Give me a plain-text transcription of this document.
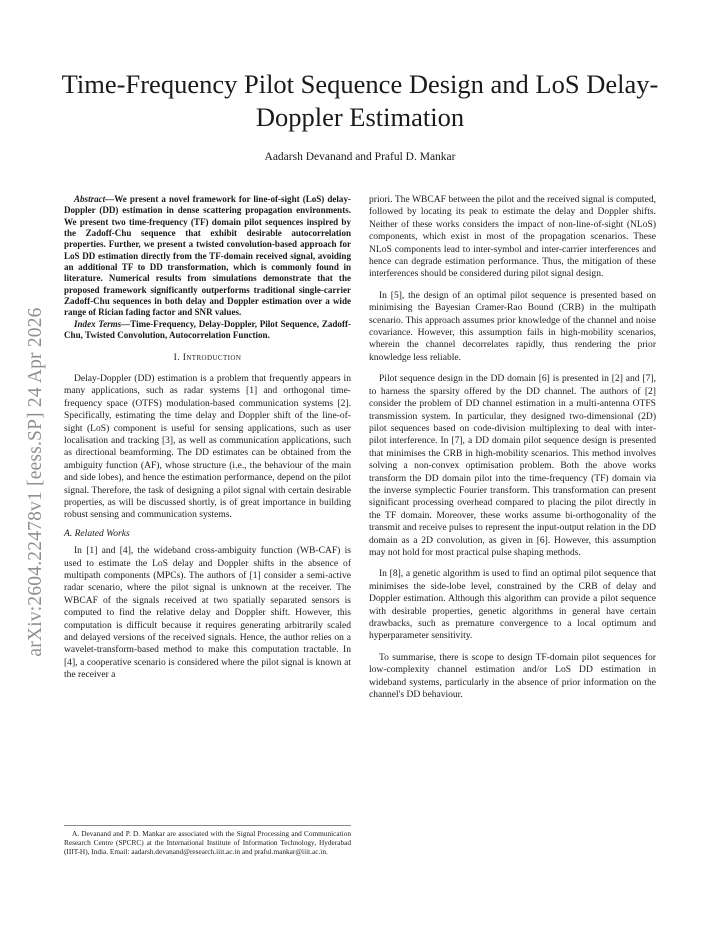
Time-Frequency Pilot Sequence Design and LoS Delay-Doppler Estimation
Aadarsh Devanand and Praful D. Mankar
arXiv:2604.22478v1 [eess.SP] 24 Apr 2026

Abstract—We present a novel framework for line-of-sight (LoS) delay-Doppler (DD) estimation in dense scattering propagation environments. We present two time-frequency (TF) domain pilot sequences inspired by the Zadoff-Chu sequence that exhibit desirable autocorrelation properties. Further, we present a twisted convolution-based approach for LoS DD estimation directly from the TF-domain received signal, avoiding an additional TF to DD transformation, which is commonly found in literature. Numerical results from simulations demonstrate that the proposed framework significantly outperforms traditional single-carrier Zadoff-Chu sequences in both delay and Doppler estimation over a wide range of Rician fading factor and SNR values.

Index Terms—Time-Frequency, Delay-Doppler, Pilot Sequence, Zadoff-Chu, Twisted Convolution, Autocorrelation Function.

I. Introduction

Delay-Doppler (DD) estimation is a problem that frequently appears in many applications, such as radar systems [1] and orthogonal time-frequency space (OTFS) modulation-based communication systems [2]. Specifically, estimating the time delay and Doppler shift of the line-of-sight (LoS) component is useful for sensing applications, such as user localisation and tracking [3], as well as communication applications, such as directional beamforming. The DD estimates can be obtained from the ambiguity function (AF), whose structure (i.e., the behaviour of the main and side lobes), and hence the estimation performance, depend on the pilot signal. Therefore, the task of designing a pilot signal with certain desirable properties, as will be discussed shortly, is of great importance in building robust sensing and communication systems.

A. Related Works

In [1] and [4], the wideband cross-ambiguity function (WB-CAF) is used to estimate the LoS delay and Doppler shifts in the absence of multipath components (MPCs). The authors of [1] consider a semi-active radar scenario, where the pilot signal is unknown at the receiver. The WBCAF of the signals received at two spatially separated sensors is computed to find the relative delay and Doppler shift. However, this computation is difficult because it requires generating arbitrarily scaled and delayed versions of the received signals. Hence, the author relies on a wavelet-transform-based method to make this computation tractable. In [4], a cooperative scenario is considered where the pilot signal is known at the receiver a

priori. The WBCAF between the pilot and the received signal is computed, followed by locating its peak to estimate the delay and Doppler shifts. Neither of these works considers the impact of non-line-of-sight (NLoS) components, which exist in most of the propagation scenarios. These NLoS components lead to inter-symbol and inter-carrier interferences and hence can degrade estimation performance. Thus, the mitigation of these interferences should be considered during pilot signal design.

In [5], the design of an optimal pilot sequence is presented based on minimising the Bayesian Cramer-Rao Bound (CRB) in the multipath scenario. This approach assumes prior knowledge of the channel and noise covariance. However, this assumption fails in high-mobility scenarios, wherein the channel decorrelates rapidly, thus rendering the prior knowledge less reliable.

Pilot sequence design in the DD domain [6] is presented in [2] and [7], to harness the sparsity offered by the DD channel. The authors of [2] consider the problem of DD channel estimation in a multi-antenna OTFS transmission system. In particular, they designed two-dimensional (2D) pilot sequences based on code-division multiplexing to deal with inter-pilot interference. In [7], a DD domain pilot sequence design is presented that minimises the CRB in high-mobility scenarios. This method involves solving a non-convex optimisation problem. Both the above works transform the DD domain pilot into the time-frequency (TF) domain via the inverse symplectic Fourier transform. This transformation can present significant processing overhead compared to placing the pilot directly in the TF domain. Moreover, these works assume bi-orthogonality of the transmit and receive pulses to represent the input-output relation in the DD domain as a 2D convolution, as given in [6]. However, this assumption may not hold for most practical pulse shaping methods.

In [8], a genetic algorithm is used to find an optimal pilot sequence that minimises the side-lobe level, constrained by the CRB of delay and Doppler estimation. Although this algorithm can provide a pilot sequence with desirable properties, genetic algorithms in general have certain drawbacks, such as premature convergence to a local optimum and hyperparameter sensitivity.

To summarise, there is scope to design TF-domain pilot sequences for low-complexity channel estimation and/or LoS DD estimation in wideband systems, particularly in the absence of prior information on the channel's DD behaviour.

A. Devanand and P. D. Mankar are associated with the Signal Processing and Communication Research Centre (SPCRC) at the International Institute of Information Technology, Hyderabad (IIIT-H), India. Email: aadarsh.devanand@research.iiit.ac.in and praful.mankar@iiit.ac.in.
